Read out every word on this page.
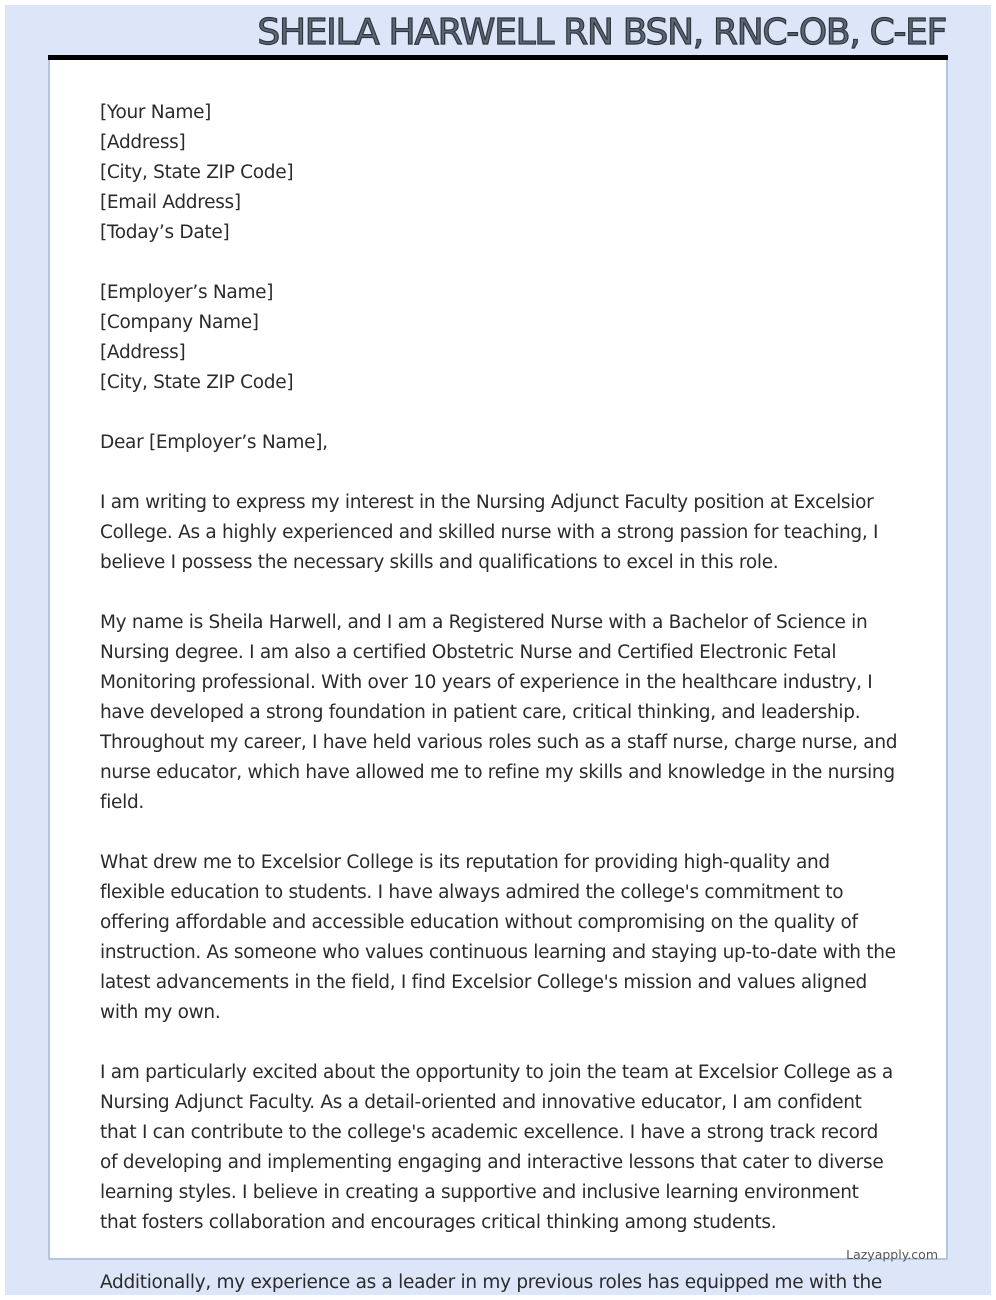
SHEILA HARWELL RN BSN, RNC-OB, C-EF
[Your Name]
[Address]
[City, State ZIP Code]
[Email Address]
[Today’s Date]
[Employer’s Name]
[Company Name]
[Address]
[City, State ZIP Code]
Dear [Employer’s Name],

I am writing to express my interest in the Nursing Adjunct Faculty position at Excelsior College. As a highly experienced and skilled nurse with a strong passion for teaching, I believe I possess the necessary skills and qualifications to excel in this role.

My name is Sheila Harwell, and I am a Registered Nurse with a Bachelor of Science in Nursing degree. I am also a certified Obstetric Nurse and Certified Electronic Fetal Monitoring professional. With over 10 years of experience in the healthcare industry, I have developed a strong foundation in patient care, critical thinking, and leadership. Throughout my career, I have held various roles such as a staff nurse, charge nurse, and nurse educator, which have allowed me to refine my skills and knowledge in the nursing field.

What drew me to Excelsior College is its reputation for providing high-quality and flexible education to students. I have always admired the college's commitment to offering affordable and accessible education without compromising on the quality of instruction. As someone who values continuous learning and staying up-to-date with the latest advancements in the field, I find Excelsior College's mission and values aligned with my own.

I am particularly excited about the opportunity to join the team at Excelsior College as a Nursing Adjunct Faculty. As a detail-oriented and innovative educator, I am confident that I can contribute to the college's academic excellence. I have a strong track record of developing and implementing engaging and interactive lessons that cater to diverse learning styles. I believe in creating a supportive and inclusive learning environment that fosters collaboration and encourages critical thinking among students.

Lazyapply.com
Additionally, my experience as a leader in my previous roles has equipped me with the
